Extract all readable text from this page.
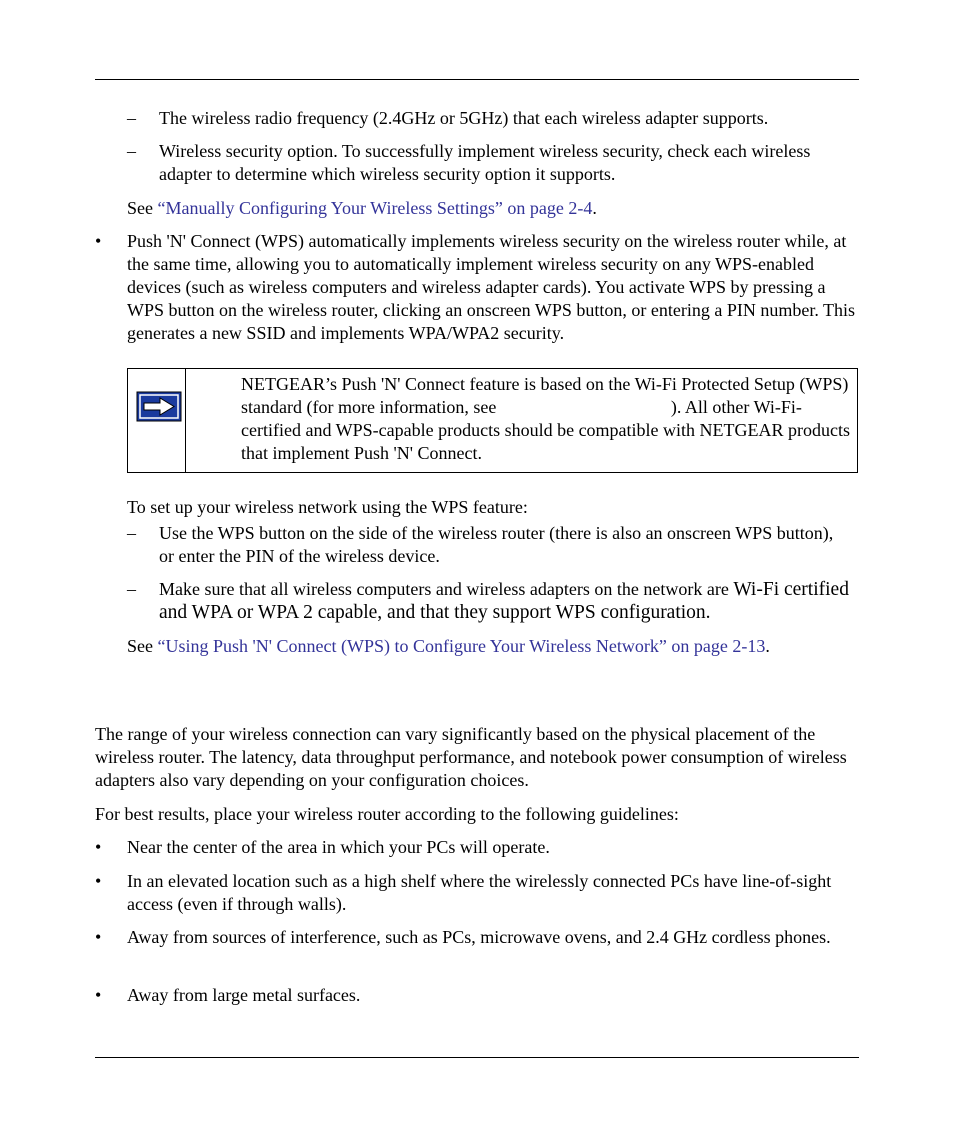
– The wireless radio frequency (2.4GHz or 5GHz) that each wireless adapter supports.

– Wireless security option. To successfully implement wireless security, check each wireless adapter to determine which wireless security option it supports.

See “Manually Configuring Your Wireless Settings” on page 2-4.

• Push 'N' Connect (WPS) automatically implements wireless security on the wireless router while, at the same time, allowing you to automatically implement wireless security on any WPS-enabled devices (such as wireless computers and wireless adapter cards). You activate WPS by pressing a WPS button on the wireless router, clicking an onscreen WPS button, or entering a PIN number. This generates a new SSID and implements WPA/WPA2 security.

NETGEAR’s Push 'N' Connect feature is based on the Wi-Fi Protected Setup (WPS) standard (for more information, see	). All other Wi-Fi-certified and WPS-capable products should be compatible with NETGEAR products that implement Push 'N' Connect.

To set up your wireless network using the WPS feature:

– Use the WPS button on the side of the wireless router (there is also an onscreen WPS button), or enter the PIN of the wireless device.

– Make sure that all wireless computers and wireless adapters on the network are Wi-Fi certified and WPA or WPA 2 capable, and that they support WPS configuration.

See “Using Push 'N' Connect (WPS) to Configure Your Wireless Network” on page 2-13.

The range of your wireless connection can vary significantly based on the physical placement of the wireless router. The latency, data throughput performance, and notebook power consumption of wireless adapters also vary depending on your configuration choices.

For best results, place your wireless router according to the following guidelines:

• Near the center of the area in which your PCs will operate.

• In an elevated location such as a high shelf where the wirelessly connected PCs have line-of-sight access (even if through walls).

• Away from sources of interference, such as PCs, microwave ovens, and 2.4 GHz cordless phones.

• Away from large metal surfaces.
